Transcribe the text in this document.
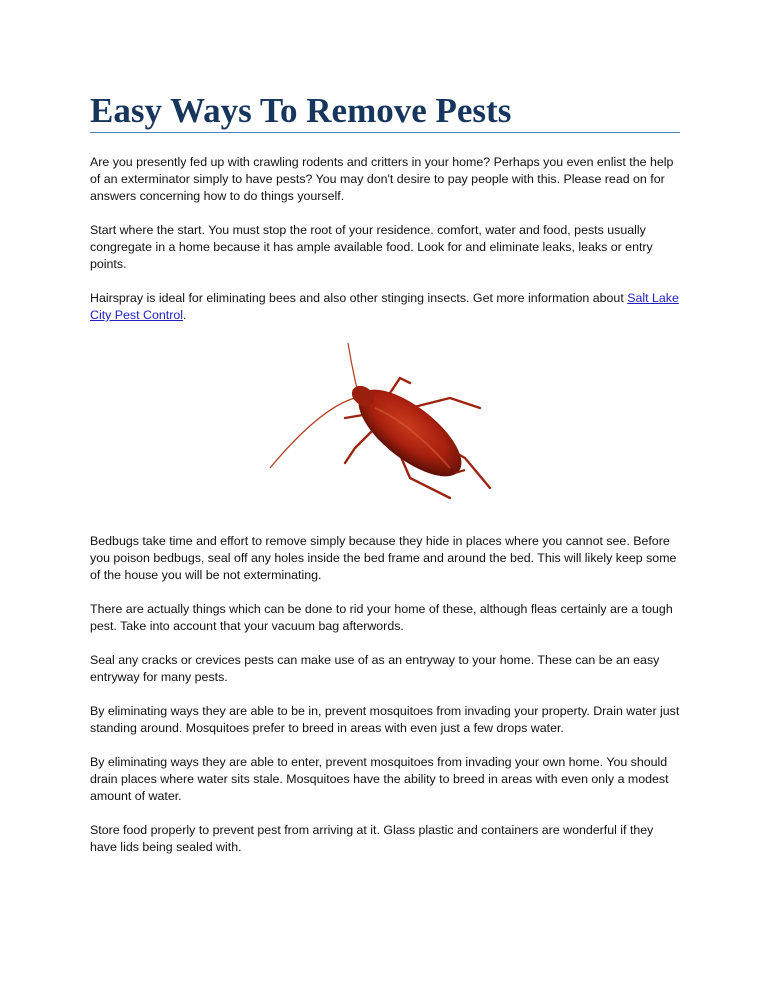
Easy Ways To Remove Pests

Are you presently fed up with crawling rodents and critters in your home? Perhaps you even enlist the help of an exterminator simply to have pests? You may don't desire to pay people with this. Please read on for answers concerning how to do things yourself.

Start where the start. You must stop the root of your residence. comfort, water and food, pests usually congregate in a home because it has ample available food. Look for and eliminate leaks, leaks or entry points.

Hairspray is ideal for eliminating bees and also other stinging insects. Get more information about Salt Lake City Pest Control.

Bedbugs take time and effort to remove simply because they hide in places where you cannot see. Before you poison bedbugs, seal off any holes inside the bed frame and around the bed. This will likely keep some of the house you will be not exterminating.

There are actually things which can be done to rid your home of these, although fleas certainly are a tough pest. Take into account that your vacuum bag afterwords.

Seal any cracks or crevices pests can make use of as an entryway to your home. These can be an easy entryway for many pests.

By eliminating ways they are able to be in, prevent mosquitoes from invading your property. Drain water just standing around. Mosquitoes prefer to breed in areas with even just a few drops water.

By eliminating ways they are able to enter, prevent mosquitoes from invading your own home. You should drain places where water sits stale. Mosquitoes have the ability to breed in areas with even only a modest amount of water.

Store food properly to prevent pest from arriving at it. Glass plastic and containers are wonderful if they have lids being sealed with.
